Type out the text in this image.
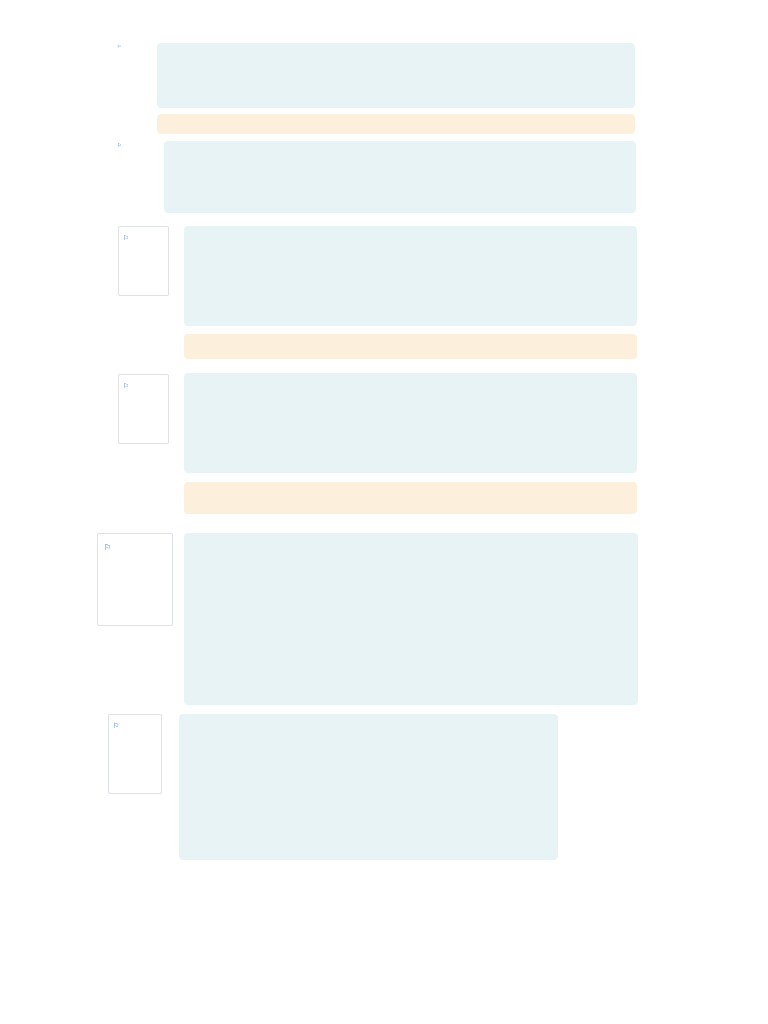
⚐
⚐
⚐
⚐
⚐
⚐
